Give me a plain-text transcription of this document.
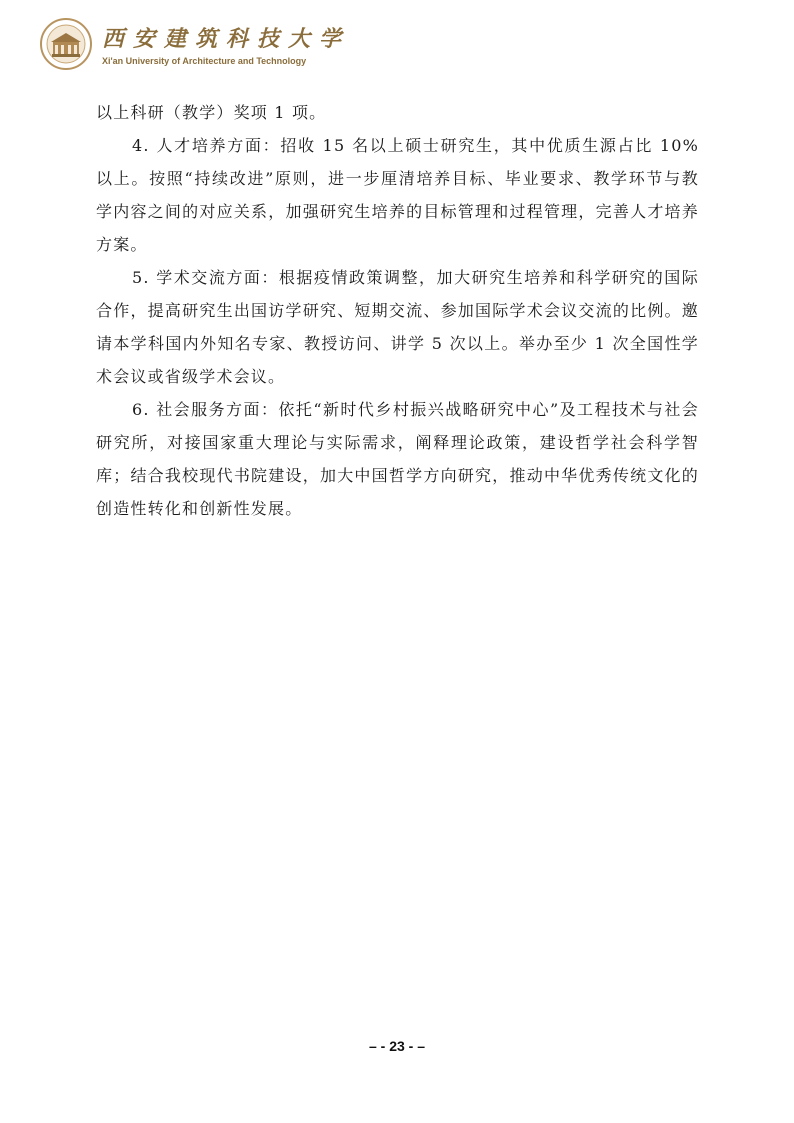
西安建筑科技大学
Xi'an University of Architecture and Technology

以上科研（教学）奖项 1 项。

4. 人才培养方面：招收 15 名以上硕士研究生，其中优质生源占比 10%以上。按照“持续改进”原则，进一步厘清培养目标、毕业要求、教学环节与教学内容之间的对应关系，加强研究生培养的目标管理和过程管理，完善人才培养方案。

5. 学术交流方面：根据疫情政策调整，加大研究生培养和科学研究的国际合作，提高研究生出国访学研究、短期交流、参加国际学术会议交流的比例。邀请本学科国内外知名专家、教授访问、讲学 5 次以上。举办至少 1 次全国性学术会议或省级学术会议。

6. 社会服务方面：依托“新时代乡村振兴战略研究中心”及工程技术与社会研究所，对接国家重大理论与实际需求，阐释理论政策，建设哲学社会科学智库；结合我校现代书院建设，加大中国哲学方向研究，推动中华优秀传统文化的创造性转化和创新性发展。

– - 23 - –
